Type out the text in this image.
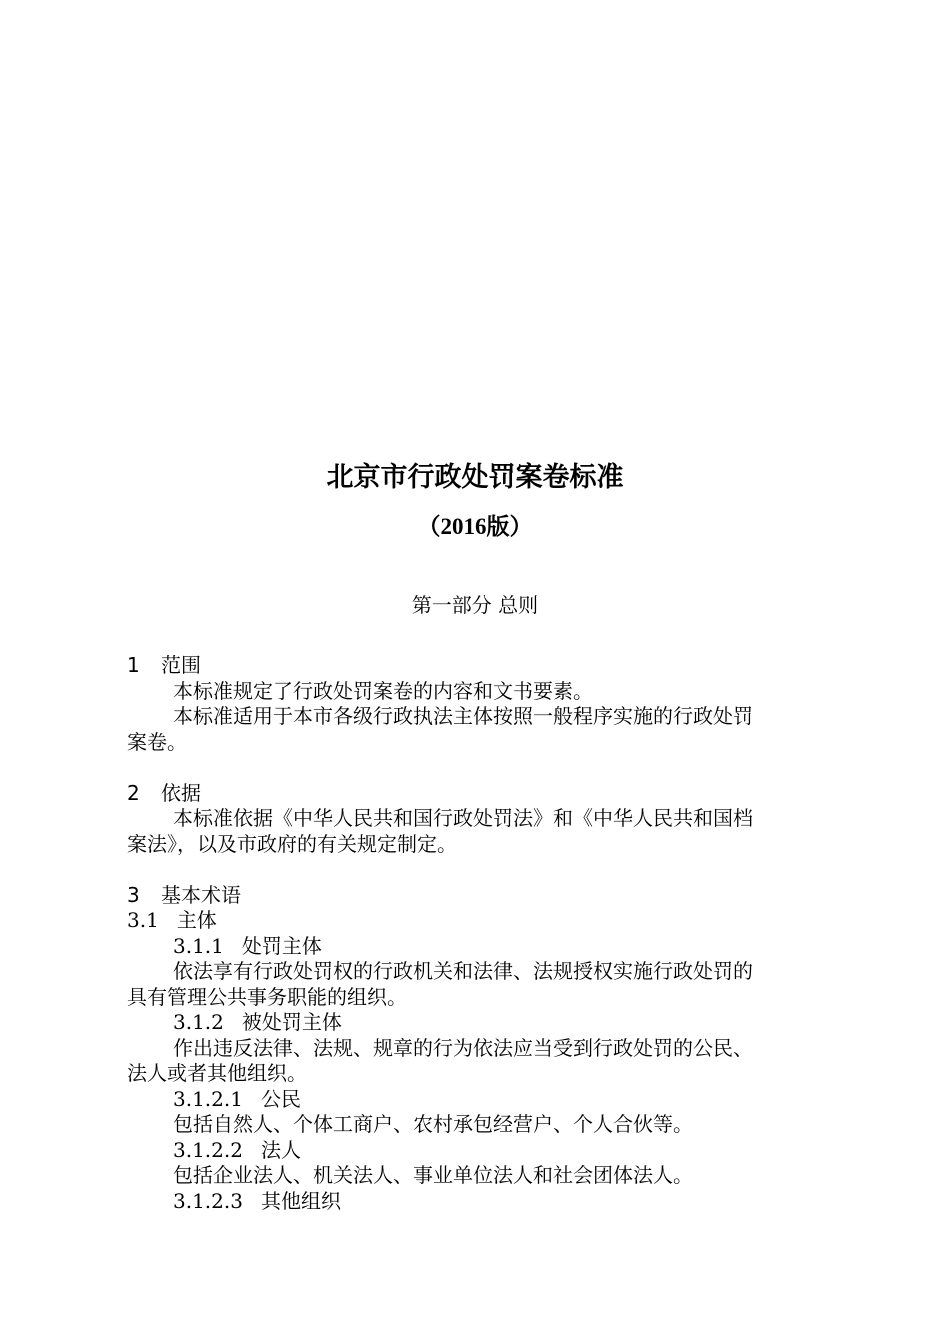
北京市行政处罚案卷标准
（2016版）
第一部分 总则
1 范围
本标准规定了行政处罚案卷的内容和文书要素。
本标准适用于本市各级行政执法主体按照一般程序实施的行政处罚
案卷。
2 依据
本标准依据《中华人民共和国行政处罚法》和《中华人民共和国档
案法》，以及市政府的有关规定制定。
3 基本术语
3.1 主体
3.1.1 处罚主体
依法享有行政处罚权的行政机关和法律、法规授权实施行政处罚的
具有管理公共事务职能的组织。
3.1.2 被处罚主体
作出违反法律、法规、规章的行为依法应当受到行政处罚的公民、
法人或者其他组织。
3.1.2.1 公民
包括自然人、个体工商户、农村承包经营户、个人合伙等。
3.1.2.2 法人
包括企业法人、机关法人、事业单位法人和社会团体法人。
3.1.2.3 其他组织
